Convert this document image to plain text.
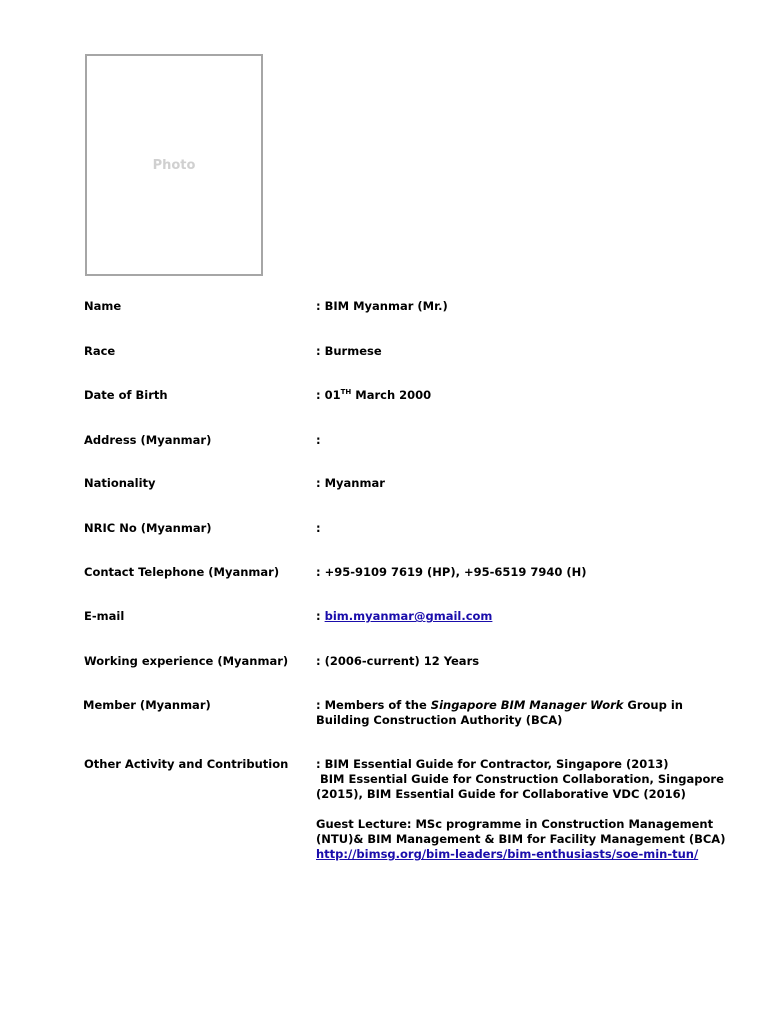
Photo
Name	: BIM Myanmar (Mr.)
Race	: Burmese
Date of Birth	: 01TH March 2000
Address (Myanmar)	:
Nationality	: Myanmar
NRIC No (Myanmar)	:
Contact Telephone (Myanmar)	: +95-9109 7619 (HP), +95-6519 7940 (H)
E-mail	: bim.myanmar@gmail.com
Working experience (Myanmar) : (2006-current) 12 Years
Member (Myanmar)	: Members of the Singapore BIM Manager Work Group in
Building Construction Authority (BCA)
Other Activity and Contribution : BIM Essential Guide for Contractor, Singapore (2013)
BIM Essential Guide for Construction Collaboration, Singapore
(2015), BIM Essential Guide for Collaborative VDC (2016)
Guest Lecture: MSc programme in Construction Management
(NTU)& BIM Management & BIM for Facility Management (BCA)
http://bimsg.org/bim-leaders/bim-enthusiasts/soe-min-tun/
